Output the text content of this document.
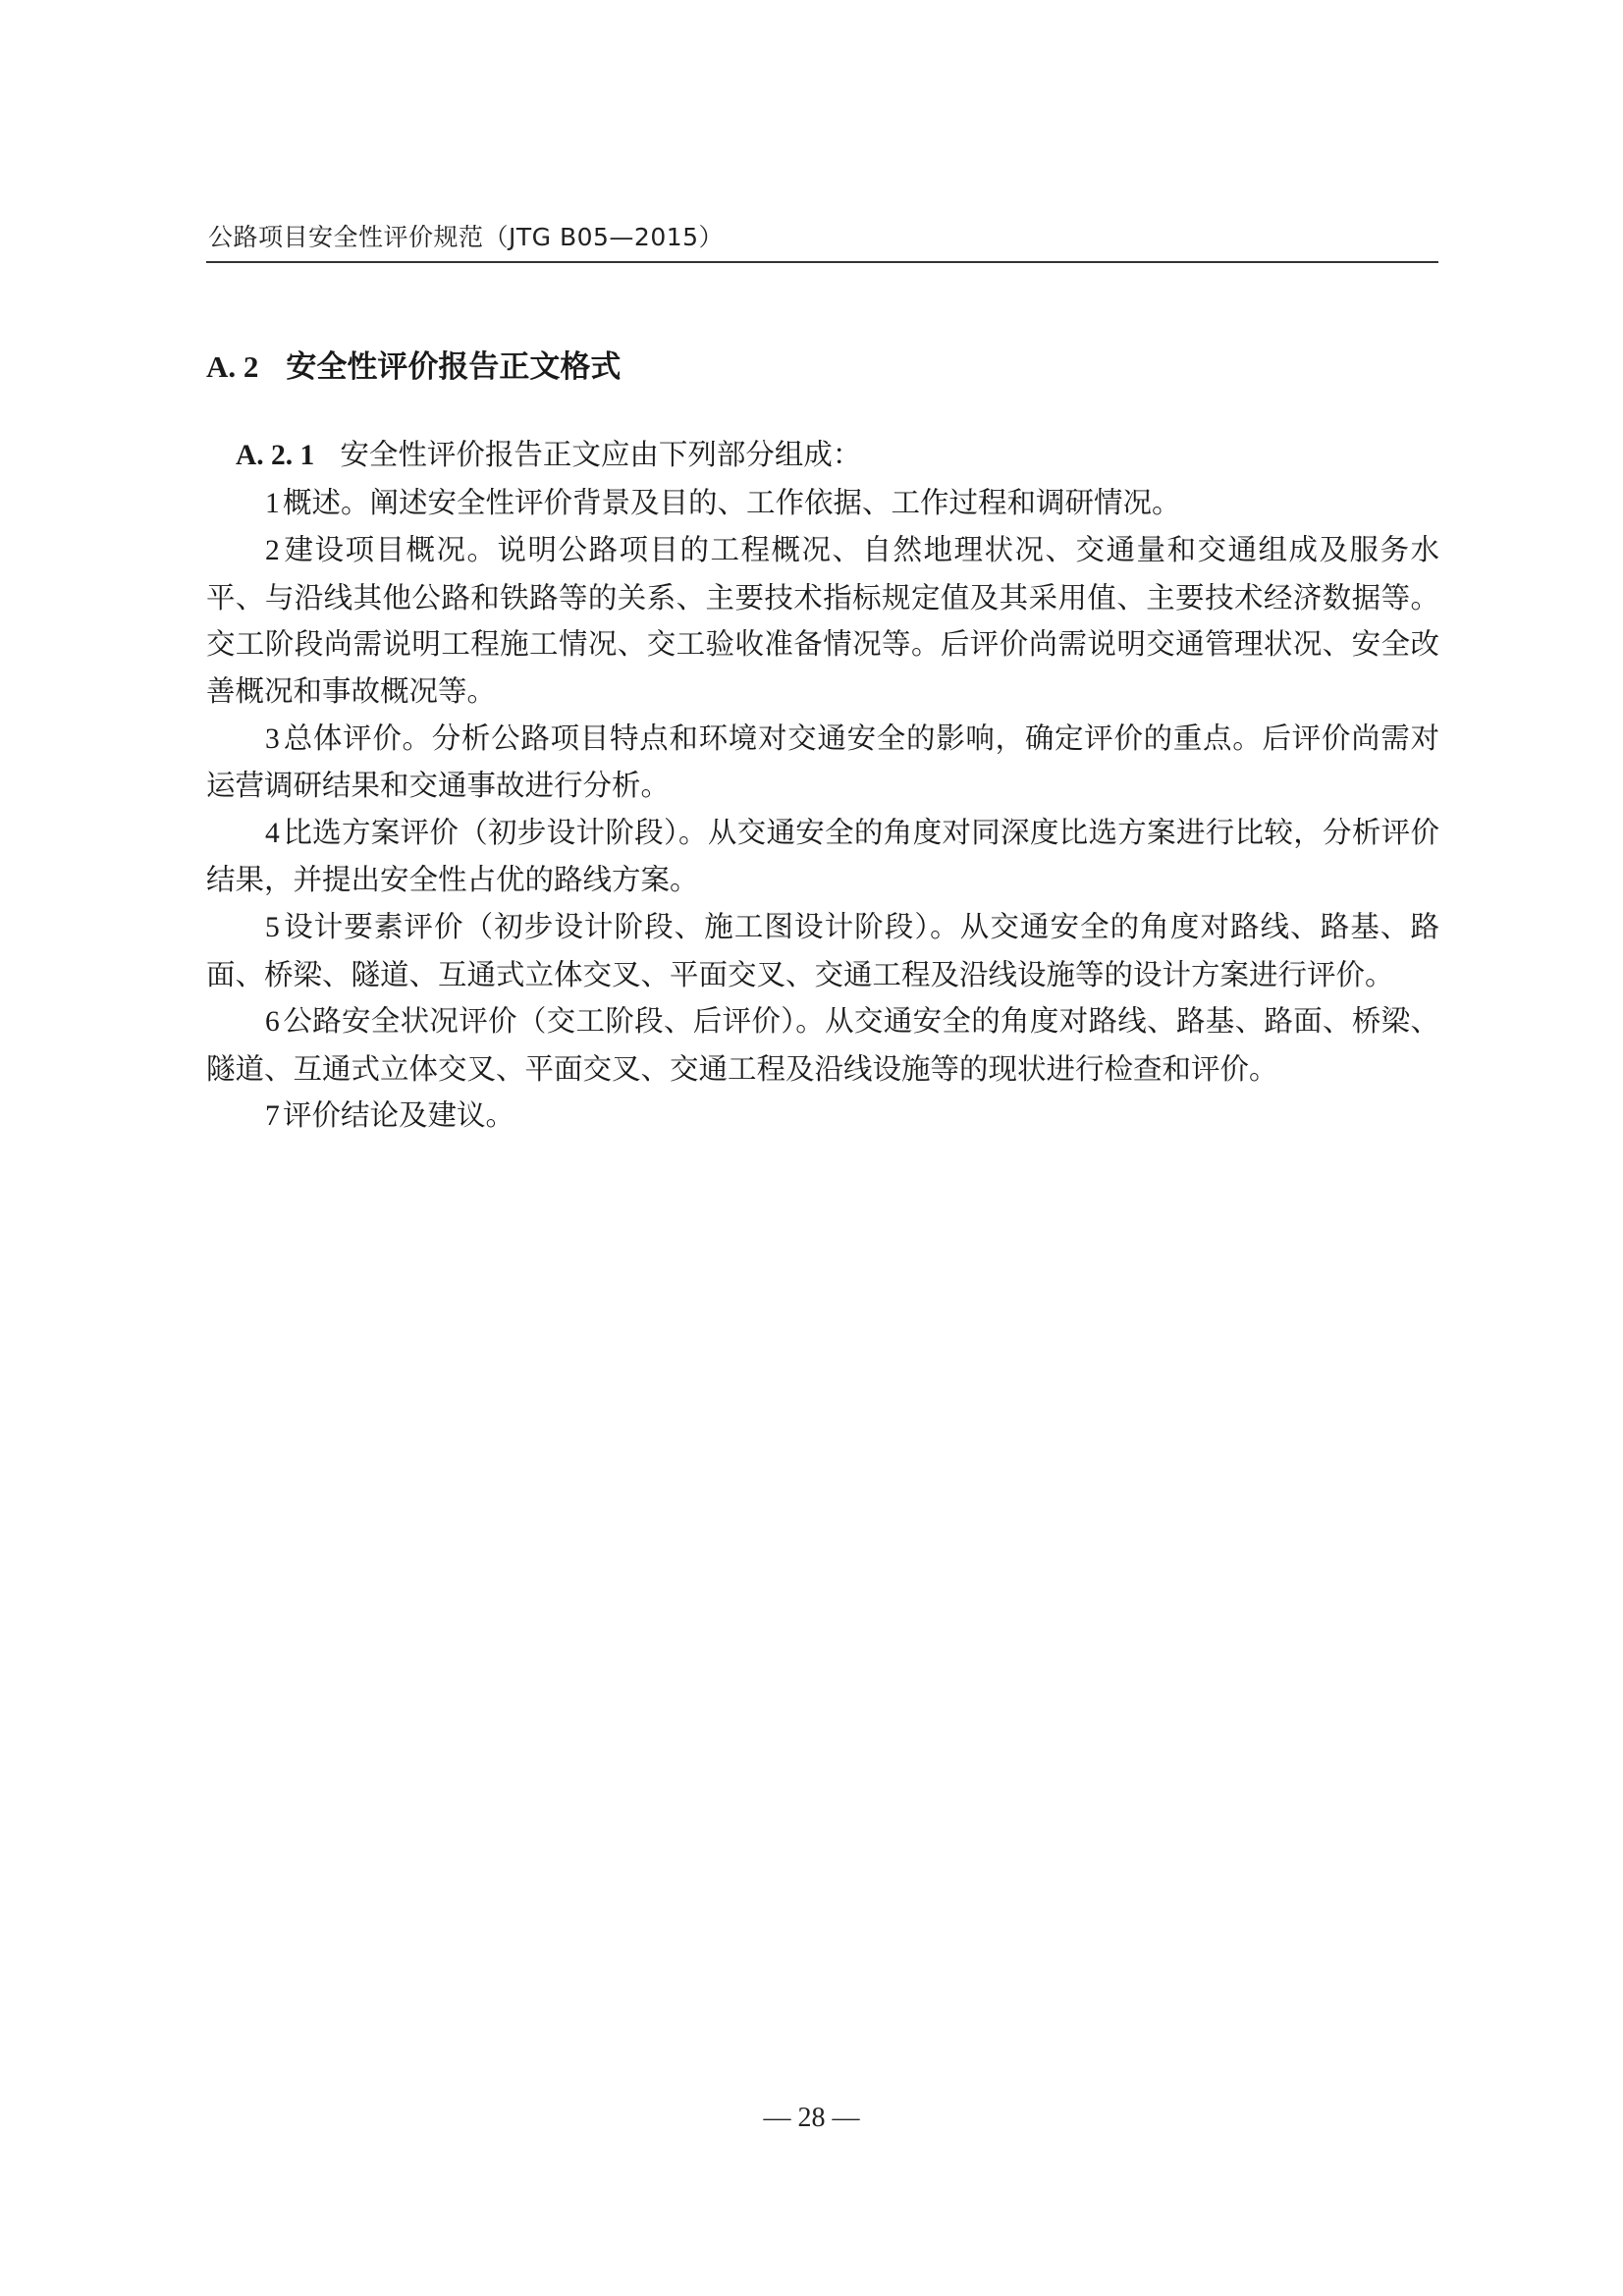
公路项目安全性评价规范（JTG B05—2015）
A. 2 安全性评价报告正文格式

A. 2. 1 安全性评价报告正文应由下列部分组成：

1 概述。阐述安全性评价背景及目的、工作依据、工作过程和调研情况。

2 建设项目概况。说明公路项目的工程概况、自然地理状况、交通量和交通组成及服务水平、与沿线其他公路和铁路等的关系、主要技术指标规定值及其采用值、主要技术经济数据等。交工阶段尚需说明工程施工情况、交工验收准备情况等。后评价尚需说明交通管理状况、安全改善概况和事故概况等。

3 总体评价。分析公路项目特点和环境对交通安全的影响，确定评价的重点。后评价尚需对运营调研结果和交通事故进行分析。

4 比选方案评价（初步设计阶段）。从交通安全的角度对同深度比选方案进行比较，分析评价结果，并提出安全性占优的路线方案。

5 设计要素评价（初步设计阶段、施工图设计阶段）。从交通安全的角度对路线、路基、路面、桥梁、隧道、互通式立体交叉、平面交叉、交通工程及沿线设施等的设计方案进行评价。

6 公路安全状况评价（交工阶段、后评价）。从交通安全的角度对路线、路基、路面、桥梁、隧道、互通式立体交叉、平面交叉、交通工程及沿线设施等的现状进行检查和评价。

7 评价结论及建议。

— 28 —
